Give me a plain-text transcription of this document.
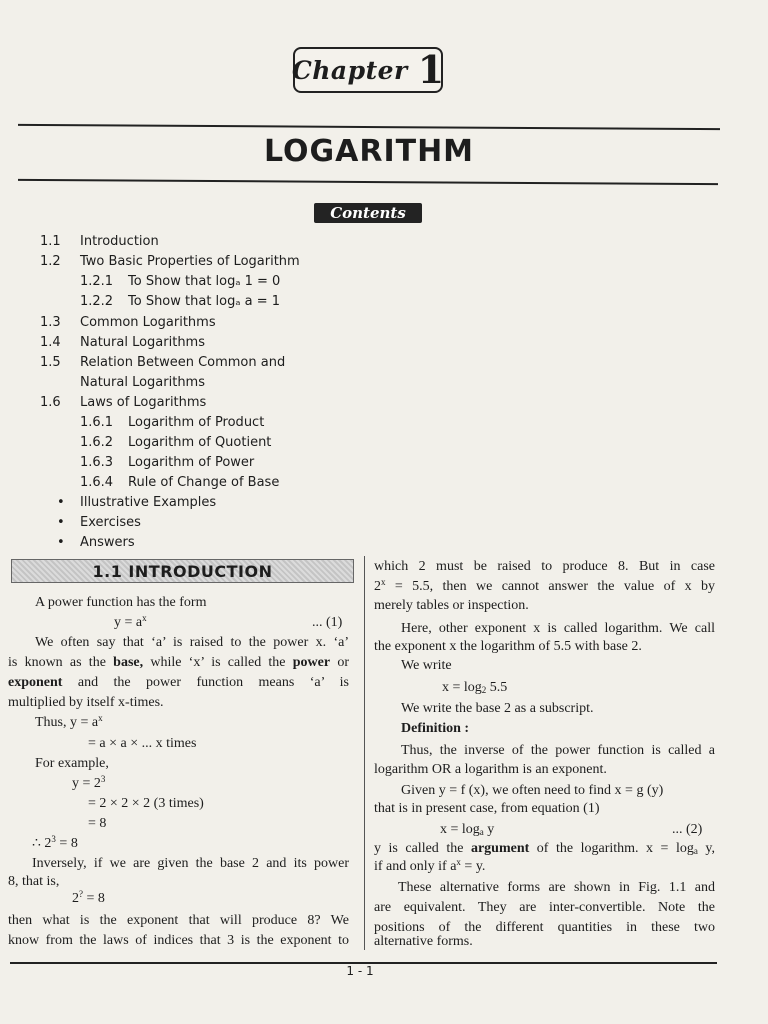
Chapter 1
LOGARITHM
Contents
1.1 Introduction
1.2 Two Basic Properties of Logarithm
1.2.1 To Show that logₐ 1 = 0
1.2.2 To Show that logₐ a = 1
1.3 Common Logarithms
1.4 Natural Logarithms
1.5 Relation Between Common and
Natural Logarithms
1.6 Laws of Logarithms
1.6.1 Logarithm of Product
1.6.2 Logarithm of Quotient
1.6.3 Logarithm of Power
1.6.4 Rule of Change of Base
• Illustrative Examples
• Exercises
• Answers
1.1 INTRODUCTION
A power function has the form
$y = a^x$	... (1)
We often say that ‘a’ is raised to the power x. ‘a’
is known as the base, while ‘x’ is called the power or
exponent and the power function means ‘a’ is
multiplied by itself x-times.
Thus, $y = a^x$
= a × a × ... x times
For example,
$y = 2^3$
= 2 × 2 × 2 (3 times)
= 8
∴ $2^3 = 8$
Inversely, if we are given the base 2 and its power
8, that is,
2? = 8
then what is the exponent that will produce 8? We
know from the laws of indices that 3 is the exponent to
which 2 must be raised to produce 8. But in case
$2^x = 5.5$, then we cannot answer the value of x by
merely tables or inspection.
Here, other exponent x is called logarithm. We call
the exponent x the logarithm of 5.5 with base 2.
We write
$x = \log_2 5.5$
We write the base 2 as a subscript.
Definition :
Thus, the inverse of the power function is called a
logarithm OR a logarithm is an exponent.
Given y = f (x), we often need to find x = g (y)
that is in present case, from equation (1)
$x = \log_a y$	... (2)
y is called the argument of the logarithm. $x = \log_a y$,
if and only if $a^x = y$.
These alternative forms are shown in Fig. 1.1 and
are equivalent. They are inter-convertible. Note the
positions of the different quantities in these two
alternative forms.
1 - 1
